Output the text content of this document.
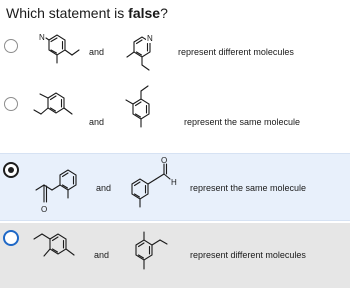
Which statement is false?
N
and
N
represent different molecules
and	represent the same molecule
O
and
O
H
represent the same molecule
and	represent different molecules
